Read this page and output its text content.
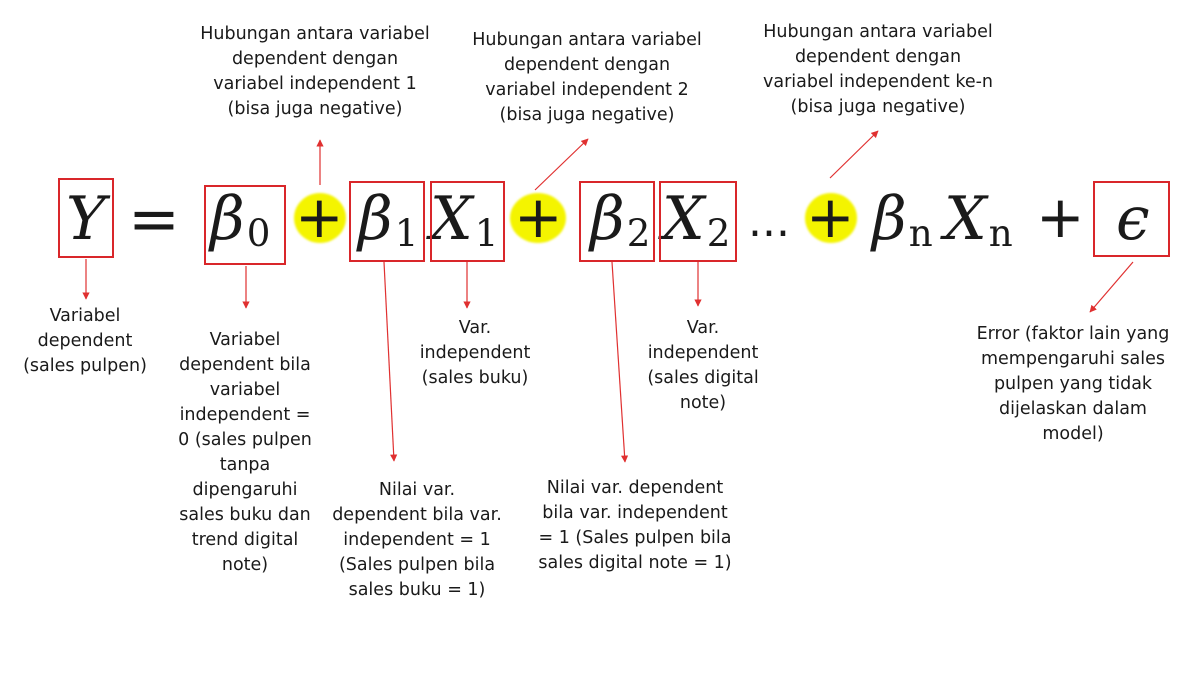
Y = β0 + β1 X1 + β2 X2 ... + βn Xn + ϵ
Hubungan antara variabel
dependent dengan
variabel independent 1
(bisa juga negative)
Hubungan antara variabel
dependent dengan
variabel independent 2
(bisa juga negative)
Hubungan antara variabel
dependent dengan
variabel independent ke-n
(bisa juga negative)
Variabel
dependent
(sales pulpen)
Variabel
dependent bila
variabel
independent =
0 (sales pulpen
tanpa
dipengaruhi
sales buku dan
trend digital
note)
Var.
independent
(sales buku)
Var.
independent
(sales digital
note)
Error (faktor lain yang
mempengaruhi sales
pulpen yang tidak
dijelaskan dalam
model)
Nilai var.
dependent bila var.
independent = 1
(Sales pulpen bila
sales buku = 1)
Nilai var. dependent
bila var. independent
= 1 (Sales pulpen bila
sales digital note = 1)
